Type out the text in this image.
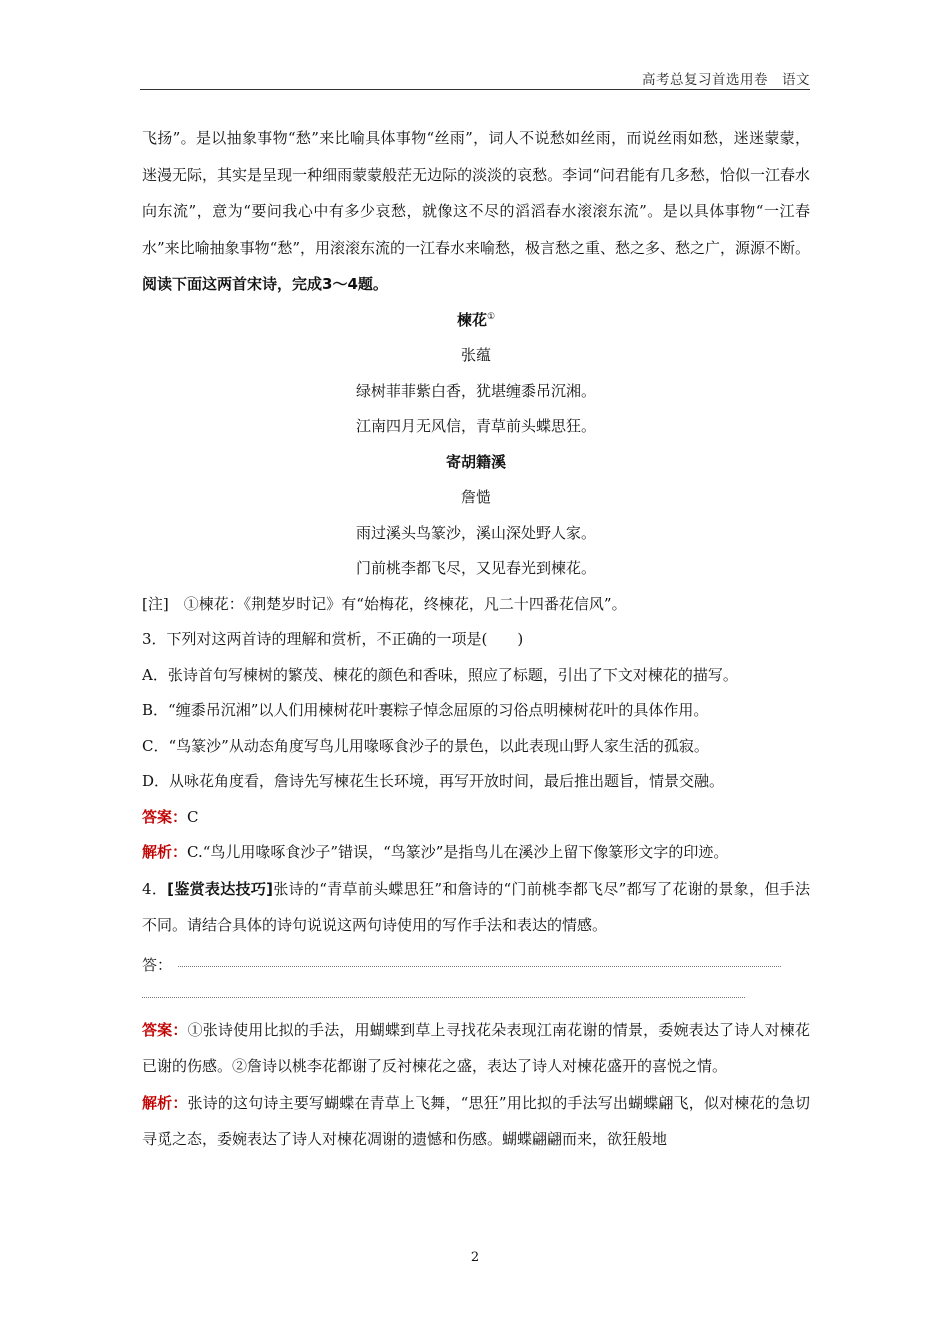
高考总复习首选用卷　语文

飞扬”。是以抽象事物“愁”来比喻具体事物“丝雨”，词人不说愁如丝雨，而说丝雨如愁，迷迷蒙蒙，迷漫无际，其实是呈现一种细雨蒙蒙般茫无边际的淡淡的哀愁。李词“问君能有几多愁，恰似一江春水向东流”，意为“要问我心中有多少哀愁，就像这不尽的滔滔春水滚滚东流”。是以具体事物“一江春水”来比喻抽象事物“愁”，用滚滚东流的一江春水来喻愁，极言愁之重、愁之多、愁之广，源源不断。

阅读下面这两首宋诗，完成3～4题。

楝花①

张蕴

绿树菲菲紫白香，犹堪缠黍吊沉湘。

江南四月无风信，青草前头蝶思狂。

寄胡籍溪

詹慥

雨过溪头鸟篆沙，溪山深处野人家。

门前桃李都飞尽，又见春光到楝花。

[注]　 ①楝花：《荆楚岁时记》有“始梅花，终楝花，凡二十四番花信风”。

3．下列对这两首诗的理解和赏析，不正确的一项是(　　)

A．张诗首句写楝树的繁茂、楝花的颜色和香味，照应了标题，引出了下文对楝花的描写。

B．“缠黍吊沉湘”以人们用楝树花叶裹粽子悼念屈原的习俗点明楝树花叶的具体作用。

C．“鸟篆沙”从动态角度写鸟儿用喙啄食沙子的景色，以此表现山野人家生活的孤寂。

D．从咏花角度看，詹诗先写楝花生长环境，再写开放时间，最后推出题旨，情景交融。

答案：C

解析：C.“鸟儿用喙啄食沙子”错误，“鸟篆沙”是指鸟儿在溪沙上留下像篆形文字的印迹。

4．[鉴赏表达技巧]张诗的“青草前头蝶思狂”和詹诗的“门前桃李都飞尽”都写了花谢的景象，但手法不同。请结合具体的诗句说说这两句诗使用的写作手法和表达的情感。

答：

答案：①张诗使用比拟的手法，用蝴蝶到草上寻找花朵表现江南花谢的情景，委婉表达了诗人对楝花已谢的伤感。②詹诗以桃李花都谢了反衬楝花之盛，表达了诗人对楝花盛开的喜悦之情。

解析：张诗的这句诗主要写蝴蝶在青草上飞舞，“思狂”用比拟的手法写出蝴蝶翩飞，似对楝花的急切寻觅之态，委婉表达了诗人对楝花凋谢的遗憾和伤感。蝴蝶翩翩而来，欲狂般地

2
